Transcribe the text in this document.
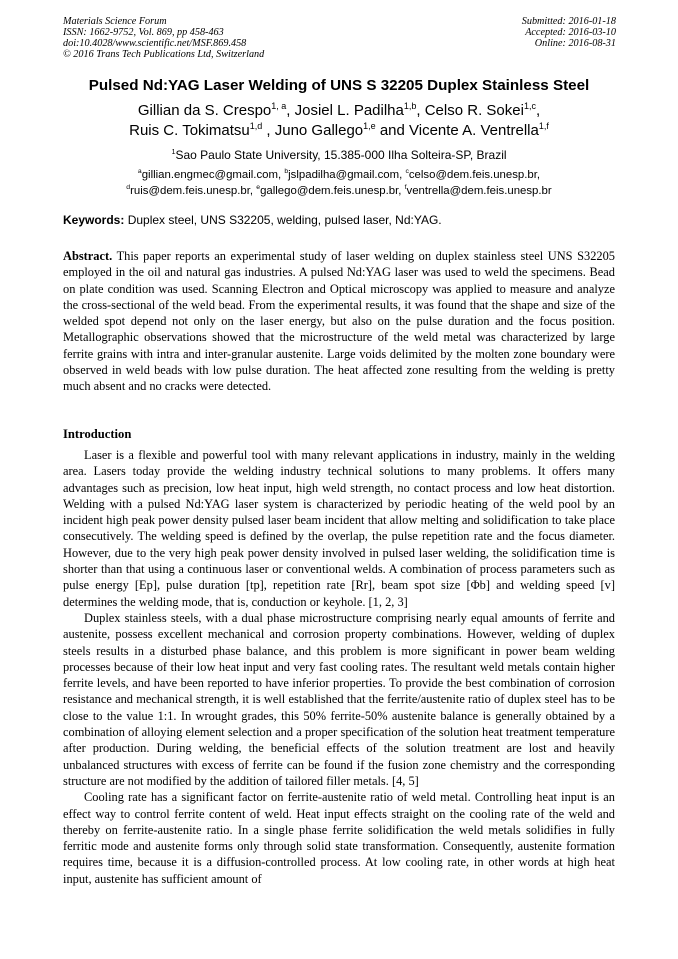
Materials Science Forum
ISSN: 1662-9752, Vol. 869, pp 458-463
doi:10.4028/www.scientific.net/MSF.869.458
© 2016 Trans Tech Publications Ltd, Switzerland
Submitted: 2016-01-18
Accepted: 2016-03-10
Online: 2016-08-31
Pulsed Nd:YAG Laser Welding of UNS S 32205 Duplex Stainless Steel
Gillian da S. Crespo$^{1, a}$, Josiel L. Padilha$^{1,b}$, Celso R. Sokei$^{1,c}$,
Ruis C. Tokimatsu$^{1,d}$ , Juno Gallego$^{1,e}$ and Vicente A. Ventrella$^{1,f}$
$^1$Sao Paulo State University, 15.385-000 Ilha Solteira-SP, Brazil
$^a$gillian.engmec@gmail.com, $^b$jslpadilha@gmail.com, $^c$celso@dem.feis.unesp.br,
$^d$ruis@dem.feis.unesp.br, $^e$gallego@dem.feis.unesp.br, $^f$ventrella@dem.feis.unesp.br
Keywords: Duplex steel, UNS S32205, welding, pulsed laser, Nd:YAG.

Abstract. This paper reports an experimental study of laser welding on duplex stainless steel UNS S32205 employed in the oil and natural gas industries. A pulsed Nd:YAG laser was used to weld the specimens. Bead on plate condition was used. Scanning Electron and Optical microscopy was applied to measure and analyze the cross-sectional of the weld bead. From the experimental results, it was found that the shape and size of the welded spot depend not only on the laser energy, but also on the pulse duration and the focus position. Metallographic observations showed that the microstructure of the weld metal was characterized by large ferrite grains with intra and inter-granular austenite. Large voids delimited by the molten zone boundary were observed in weld beads with low pulse duration. The heat affected zone resulting from the welding is pretty much absent and no cracks were detected.

Introduction

Laser is a flexible and powerful tool with many relevant applications in industry, mainly in the welding area. Lasers today provide the welding industry technical solutions to many problems. It offers many advantages such as precision, low heat input, high weld strength, no contact process and low heat distortion. Welding with a pulsed Nd:YAG laser system is characterized by periodic heating of the weld pool by an incident high peak power density pulsed laser beam incident that allow melting and solidification to take place consecutively. The welding speed is defined by the overlap, the pulse repetition rate and the focus diameter. However, due to the very high peak power density involved in pulsed laser welding, the solidification time is shorter than that using a continuous laser or conventional welds. A combination of process parameters such as pulse energy [Ep], pulse duration [tp], repetition rate [Rr], beam spot size [Φb] and welding speed [v] determines the welding mode, that is, conduction or keyhole. [1, 2, 3]

Duplex stainless steels, with a dual phase microstructure comprising nearly equal amounts of ferrite and austenite, possess excellent mechanical and corrosion property combinations. However, welding of duplex steels results in a disturbed phase balance, and this problem is more significant in power beam welding processes because of their low heat input and very fast cooling rates. The resultant weld metals contain higher ferrite levels, and have been reported to have inferior properties. To provide the best combination of corrosion resistance and mechanical strength, it is well established that the ferrite/austenite ratio of duplex steel has to be close to the value 1:1. In wrought grades, this 50% ferrite-50% austenite balance is generally obtained by a combination of alloying element selection and a proper specification of the solution heat treatment temperature after production. During welding, the beneficial effects of the solution treatment are lost and heavily unbalanced structures with excess of ferrite can be found if the fusion zone chemistry and the corresponding structure are not modified by the addition of tailored filler metals. [4, 5]

Cooling rate has a significant factor on ferrite-austenite ratio of weld metal. Controlling heat input is an effect way to control ferrite content of weld. Heat input effects straight on the cooling rate of the weld and thereby on ferrite-austenite ratio. In a single phase ferrite solidification the weld metals solidifies in fully ferritic mode and austenite forms only through solid state transformation. Consequently, austenite formation requires time, because it is a diffusion-controlled process. At low cooling rate, in other words at high heat input, austenite has sufficient amount of
